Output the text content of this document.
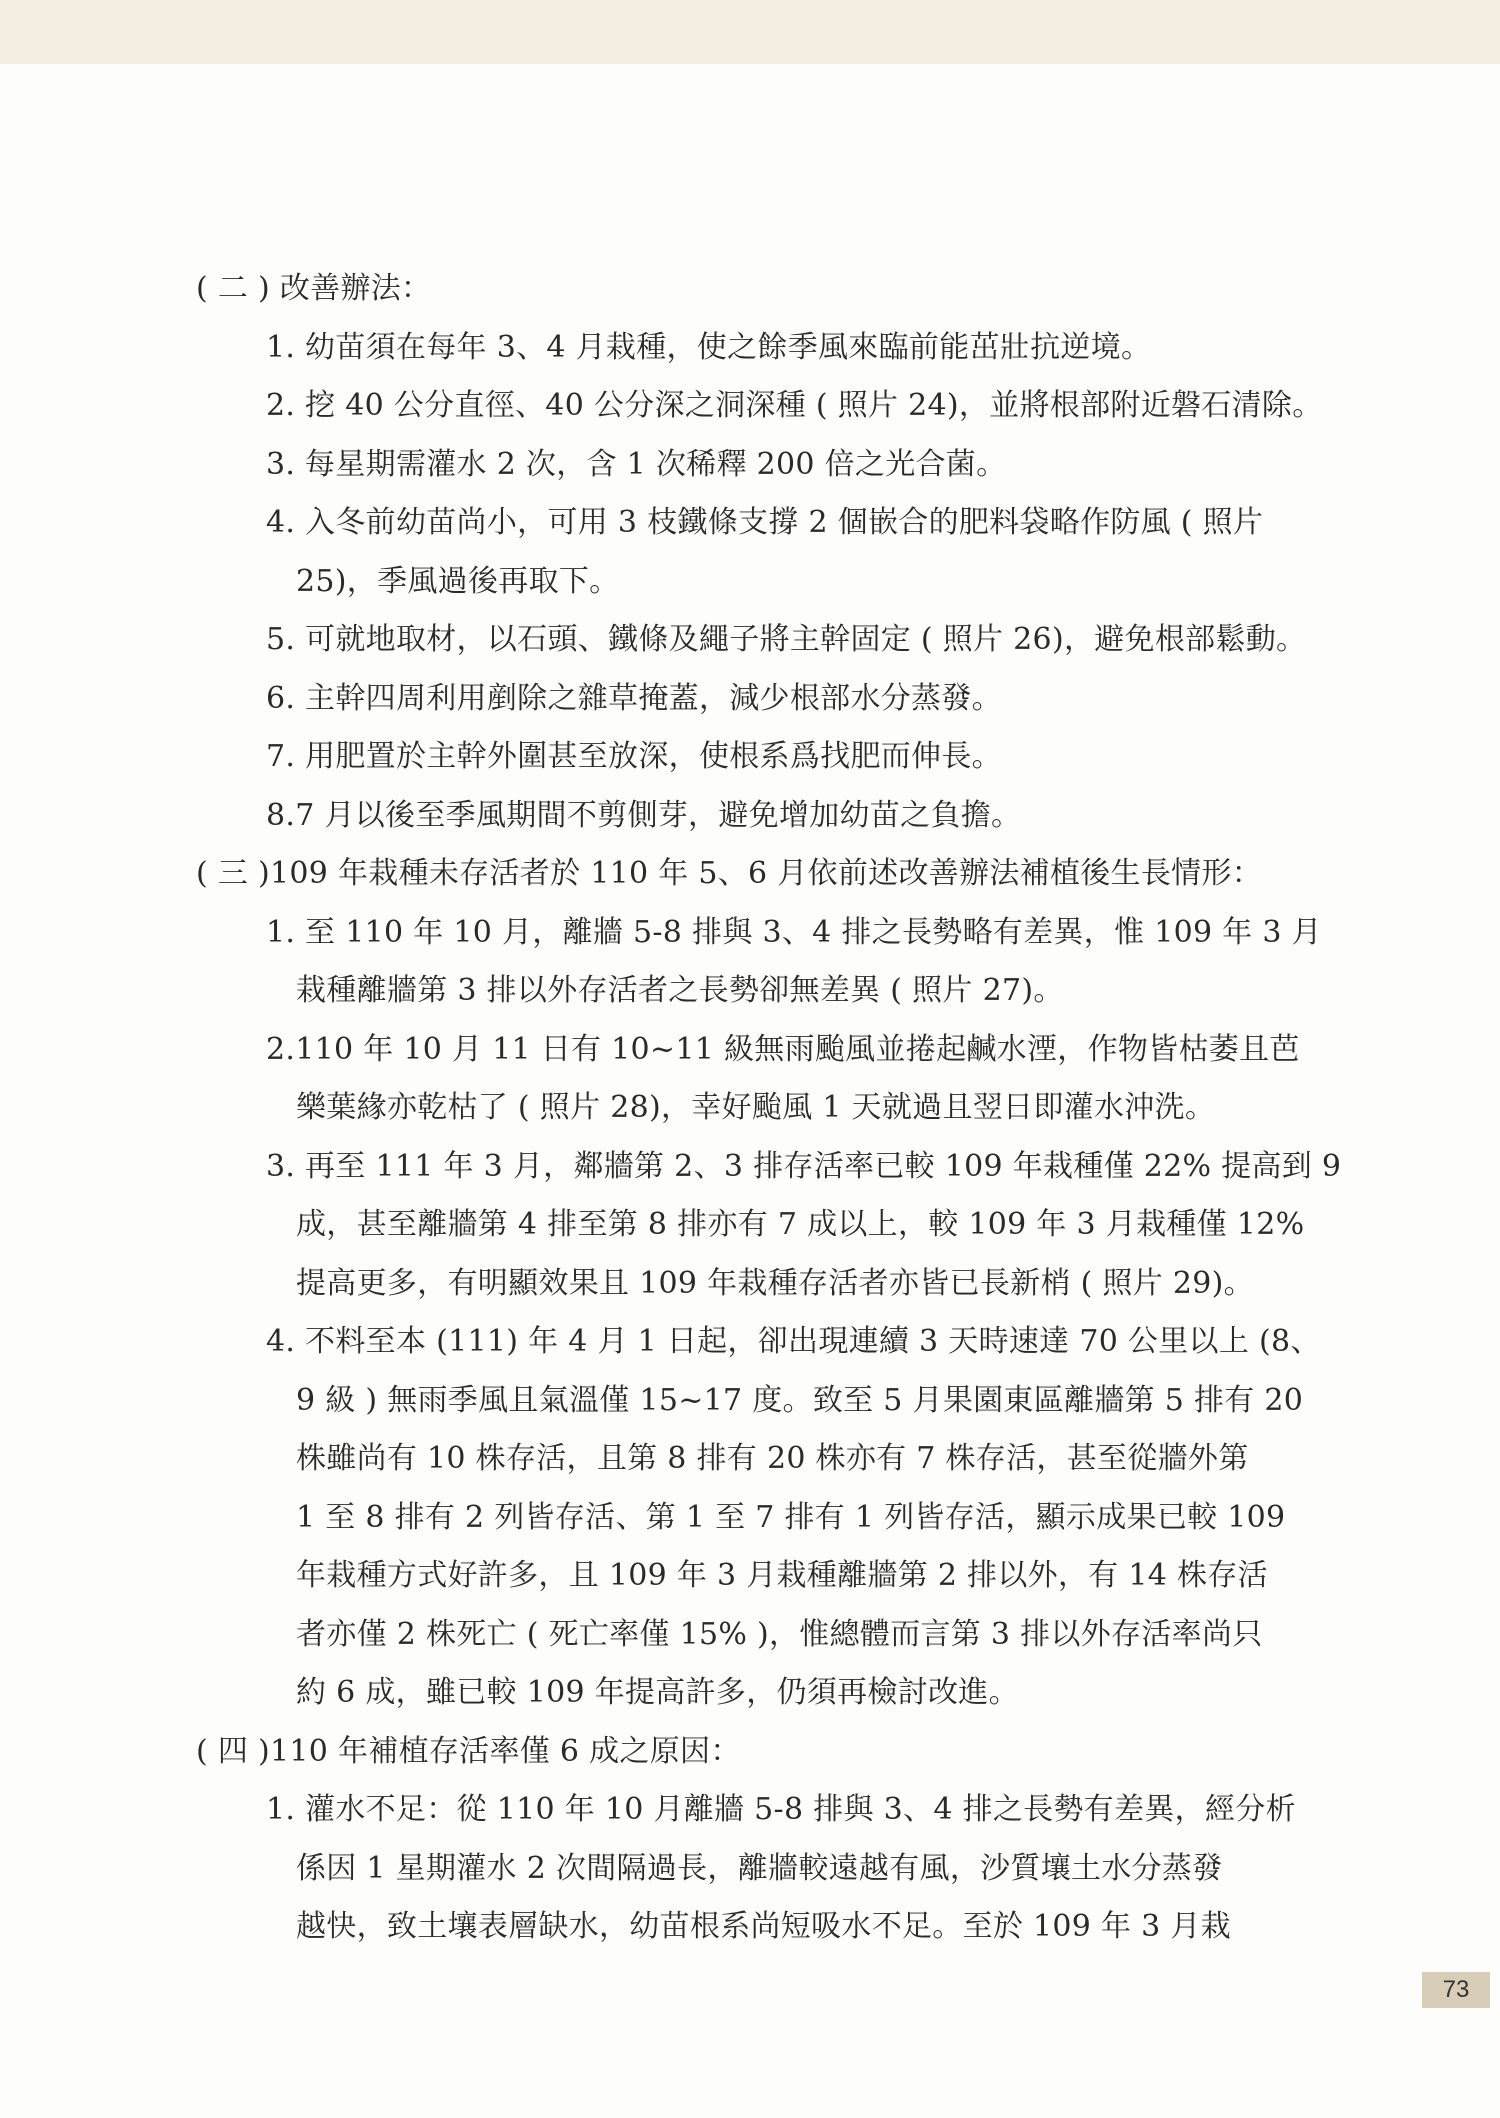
( 二 ) 改善辦法：
1. 幼苗須在每年 3、4 月栽種，使之餘季風來臨前能茁壯抗逆境。
2. 挖 40 公分直徑、40 公分深之洞深種 ( 照片 24)，並將根部附近磐石清除。
3. 每星期需灌水 2 次，含 1 次稀釋 200 倍之光合菌。
4. 入冬前幼苗尚小，可用 3 枝鐵條支撐 2 個嵌合的肥料袋略作防風 ( 照片
25)，季風過後再取下。
5. 可就地取材，以石頭、鐵條及繩子將主幹固定 ( 照片 26)，避免根部鬆動。
6. 主幹四周利用剷除之雜草掩蓋，減少根部水分蒸發。
7. 用肥置於主幹外圍甚至放深，使根系爲找肥而伸長。
8.7 月以後至季風期間不剪側芽，避免增加幼苗之負擔。
( 三 )109 年栽種未存活者於 110 年 5、6 月依前述改善辦法補植後生長情形：
1. 至 110 年 10 月，離牆 5-8 排與 3、4 排之長勢略有差異，惟 109 年 3 月
栽種離牆第 3 排以外存活者之長勢卻無差異 ( 照片 27)。
2.110 年 10 月 11 日有 10~11 級無雨颱風並捲起鹹水湮，作物皆枯萎且芭
樂葉緣亦乾枯了 ( 照片 28)，幸好颱風 1 天就過且翌日即灌水沖洗。
3. 再至 111 年 3 月，鄰牆第 2、3 排存活率已較 109 年栽種僅 22% 提高到 9
成，甚至離牆第 4 排至第 8 排亦有 7 成以上，較 109 年 3 月栽種僅 12%
提高更多，有明顯效果且 109 年栽種存活者亦皆已長新梢 ( 照片 29)。
4. 不料至本 (111) 年 4 月 1 日起，卻出現連續 3 天時速達 70 公里以上 (8、
9 級 ) 無雨季風且氣溫僅 15~17 度。致至 5 月果園東區離牆第 5 排有 20
株雖尚有 10 株存活，且第 8 排有 20 株亦有 7 株存活，甚至從牆外第
1 至 8 排有 2 列皆存活、第 1 至 7 排有 1 列皆存活，顯示成果已較 109
年栽種方式好許多，且 109 年 3 月栽種離牆第 2 排以外，有 14 株存活
者亦僅 2 株死亡 ( 死亡率僅 15% )，惟總體而言第 3 排以外存活率尚只
約 6 成，雖已較 109 年提高許多，仍須再檢討改進。
( 四 )110 年補植存活率僅 6 成之原因：
1. 灌水不足：從 110 年 10 月離牆 5-8 排與 3、4 排之長勢有差異，經分析
係因 1 星期灌水 2 次間隔過長，離牆較遠越有風，沙質壤土水分蒸發
越快，致土壤表層缺水，幼苗根系尚短吸水不足。至於 109 年 3 月栽
73
